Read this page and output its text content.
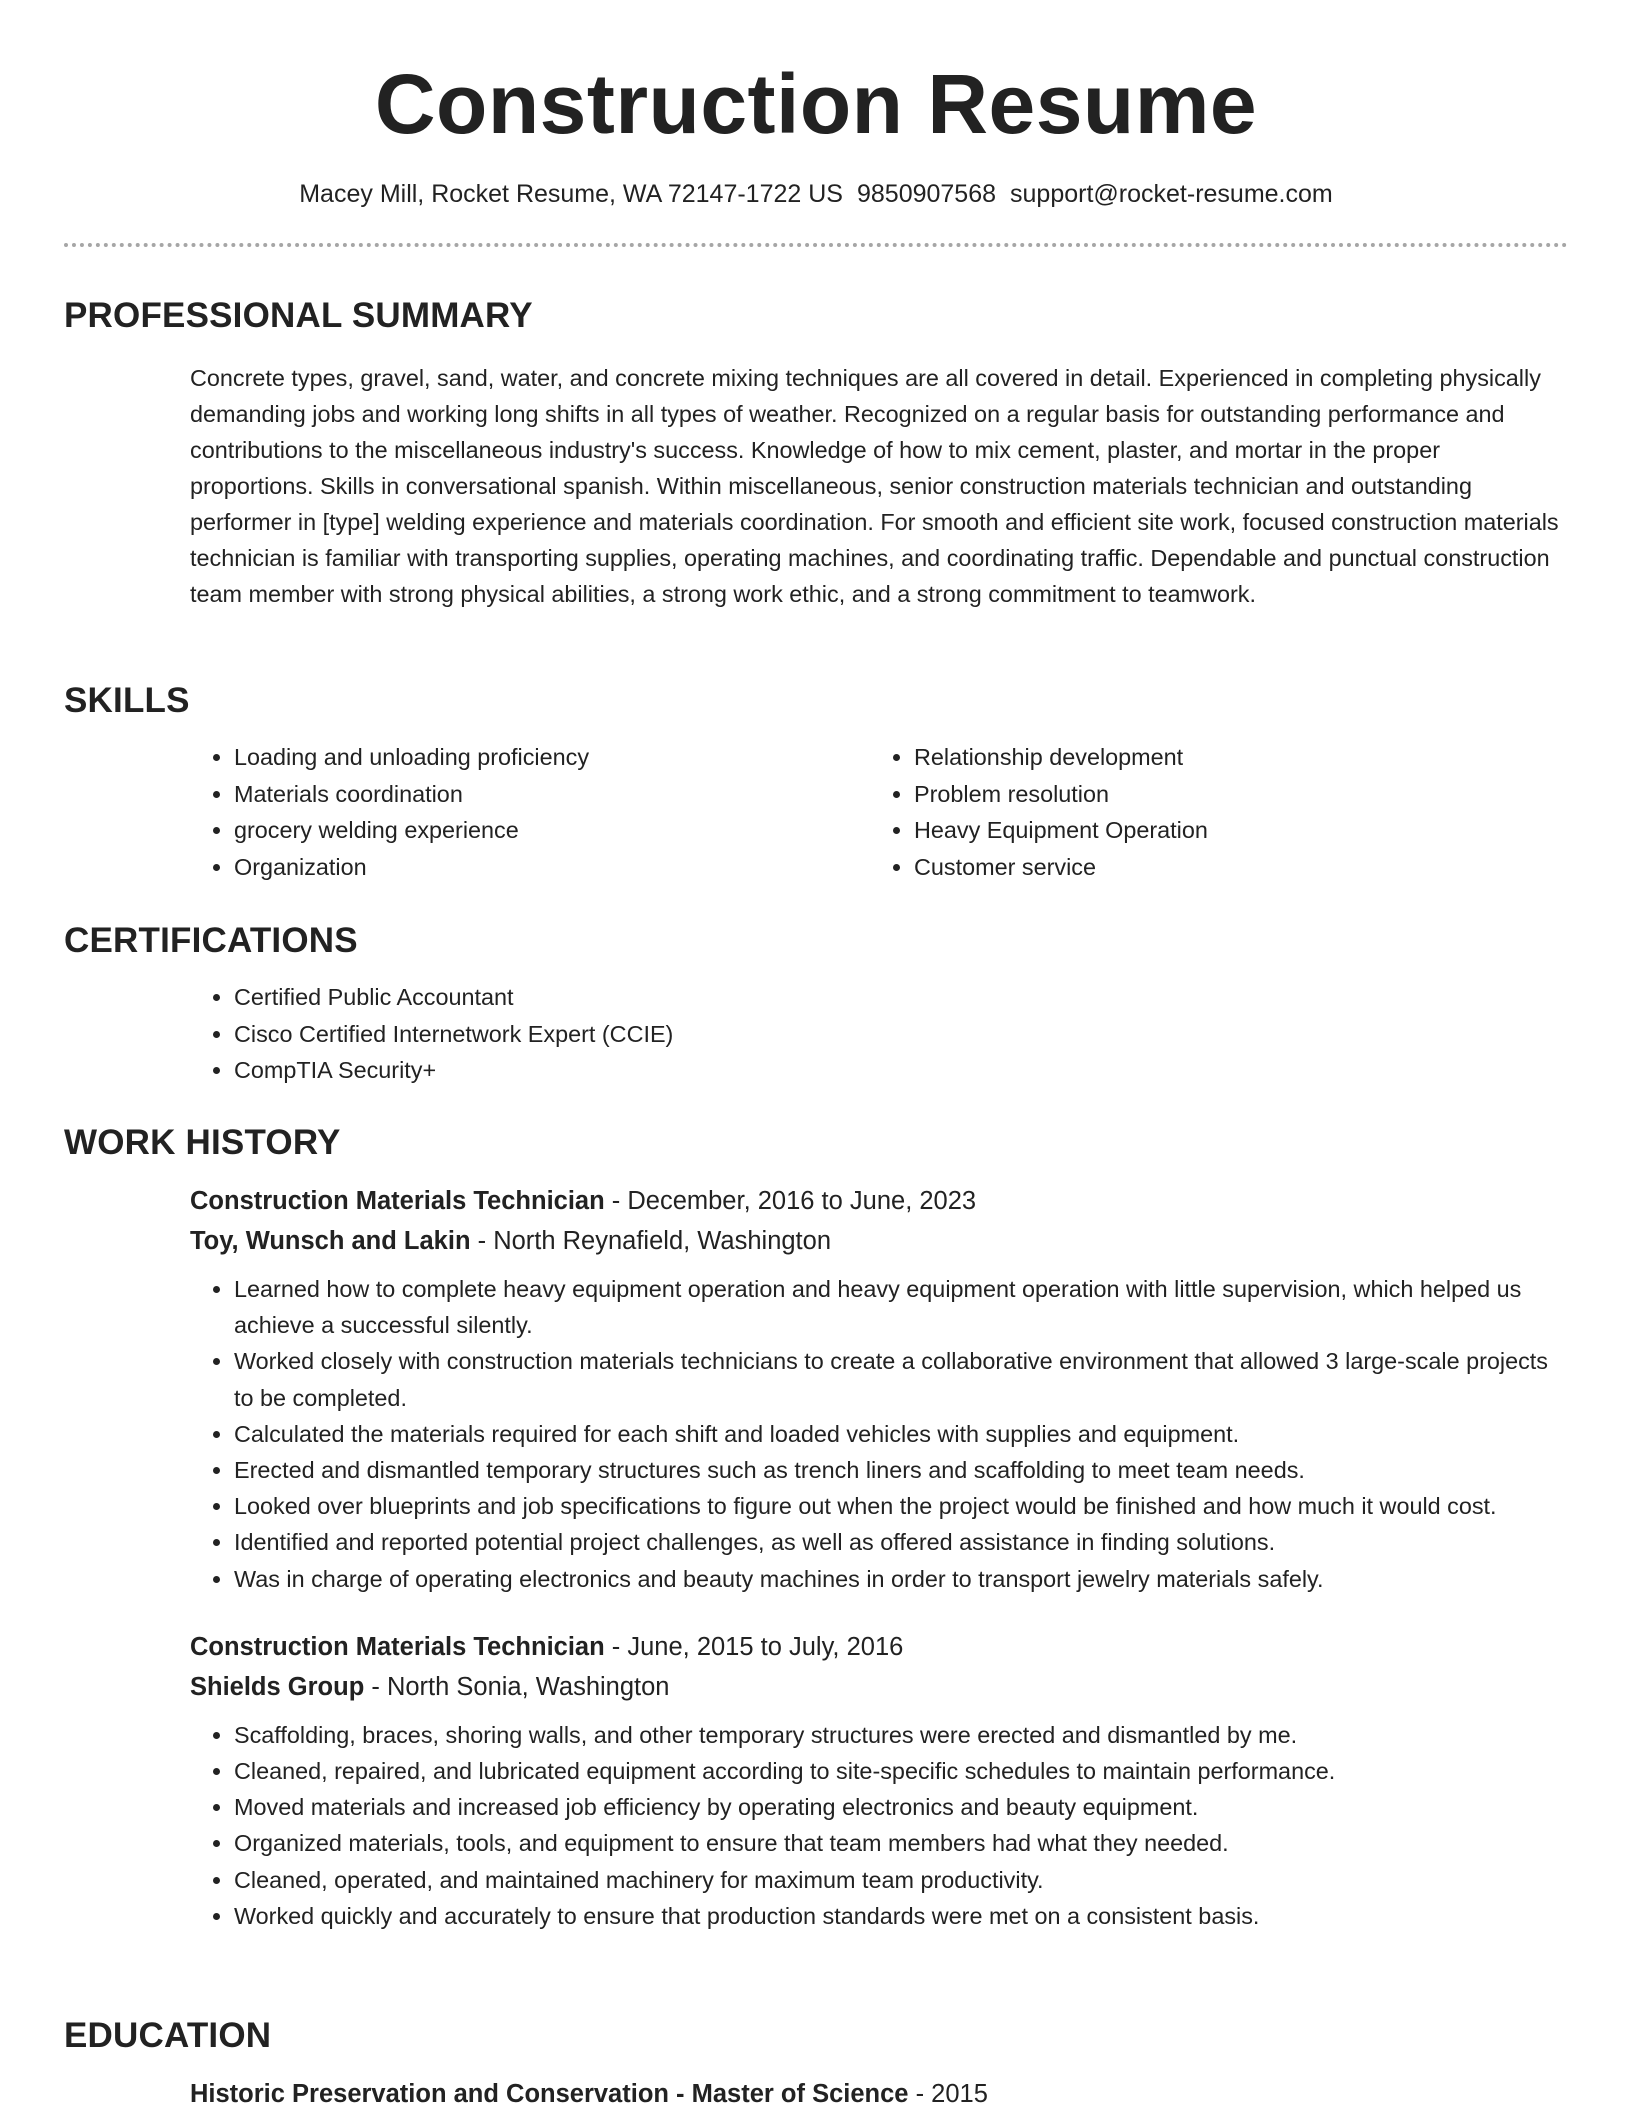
Construction Resume
Macey Mill, Rocket Resume, WA 72147-1722 US 9850907568 support@rocket-resume.com
PROFESSIONAL SUMMARY

Concrete types, gravel, sand, water, and concrete mixing techniques are all covered in detail. Experienced in completing physically demanding jobs and working long shifts in all types of weather. Recognized on a regular basis for outstanding performance and contributions to the miscellaneous industry's success. Knowledge of how to mix cement, plaster, and mortar in the proper proportions. Skills in conversational spanish. Within miscellaneous, senior construction materials technician and outstanding performer in [type] welding experience and materials coordination. For smooth and efficient site work, focused construction materials technician is familiar with transporting supplies, operating machines, and coordinating traffic. Dependable and punctual construction team member with strong physical abilities, a strong work ethic, and a strong commitment to teamwork.

SKILLS
• Loading and unloading proficiency
• Materials coordination
• grocery welding experience
• Organization
• Relationship development
• Problem resolution
• Heavy Equipment Operation
• Customer service
CERTIFICATIONS
• Certified Public Accountant
• Cisco Certified Internetwork Expert (CCIE)
• CompTIA Security+
WORK HISTORY
Construction Materials Technician - December, 2016 to June, 2023
Toy, Wunsch and Lakin - North Reynafield, Washington
• Learned how to complete heavy equipment operation and heavy equipment operation with little supervision, which helped us achieve a successful silently.
• Worked closely with construction materials technicians to create a collaborative environment that allowed 3 large-scale projects to be completed.
• Calculated the materials required for each shift and loaded vehicles with supplies and equipment.
• Erected and dismantled temporary structures such as trench liners and scaffolding to meet team needs.
• Looked over blueprints and job specifications to figure out when the project would be finished and how much it would cost.
• Identified and reported potential project challenges, as well as offered assistance in finding solutions.
• Was in charge of operating electronics and beauty machines in order to transport jewelry materials safely.
Construction Materials Technician - June, 2015 to July, 2016
Shields Group - North Sonia, Washington
• Scaffolding, braces, shoring walls, and other temporary structures were erected and dismantled by me.
• Cleaned, repaired, and lubricated equipment according to site-specific schedules to maintain performance.
• Moved materials and increased job efficiency by operating electronics and beauty equipment.
• Organized materials, tools, and equipment to ensure that team members had what they needed.
• Cleaned, operated, and maintained machinery for maximum team productivity.
• Worked quickly and accurately to ensure that production standards were met on a consistent basis.
EDUCATION
Historic Preservation and Conservation - Master of Science - 2015
